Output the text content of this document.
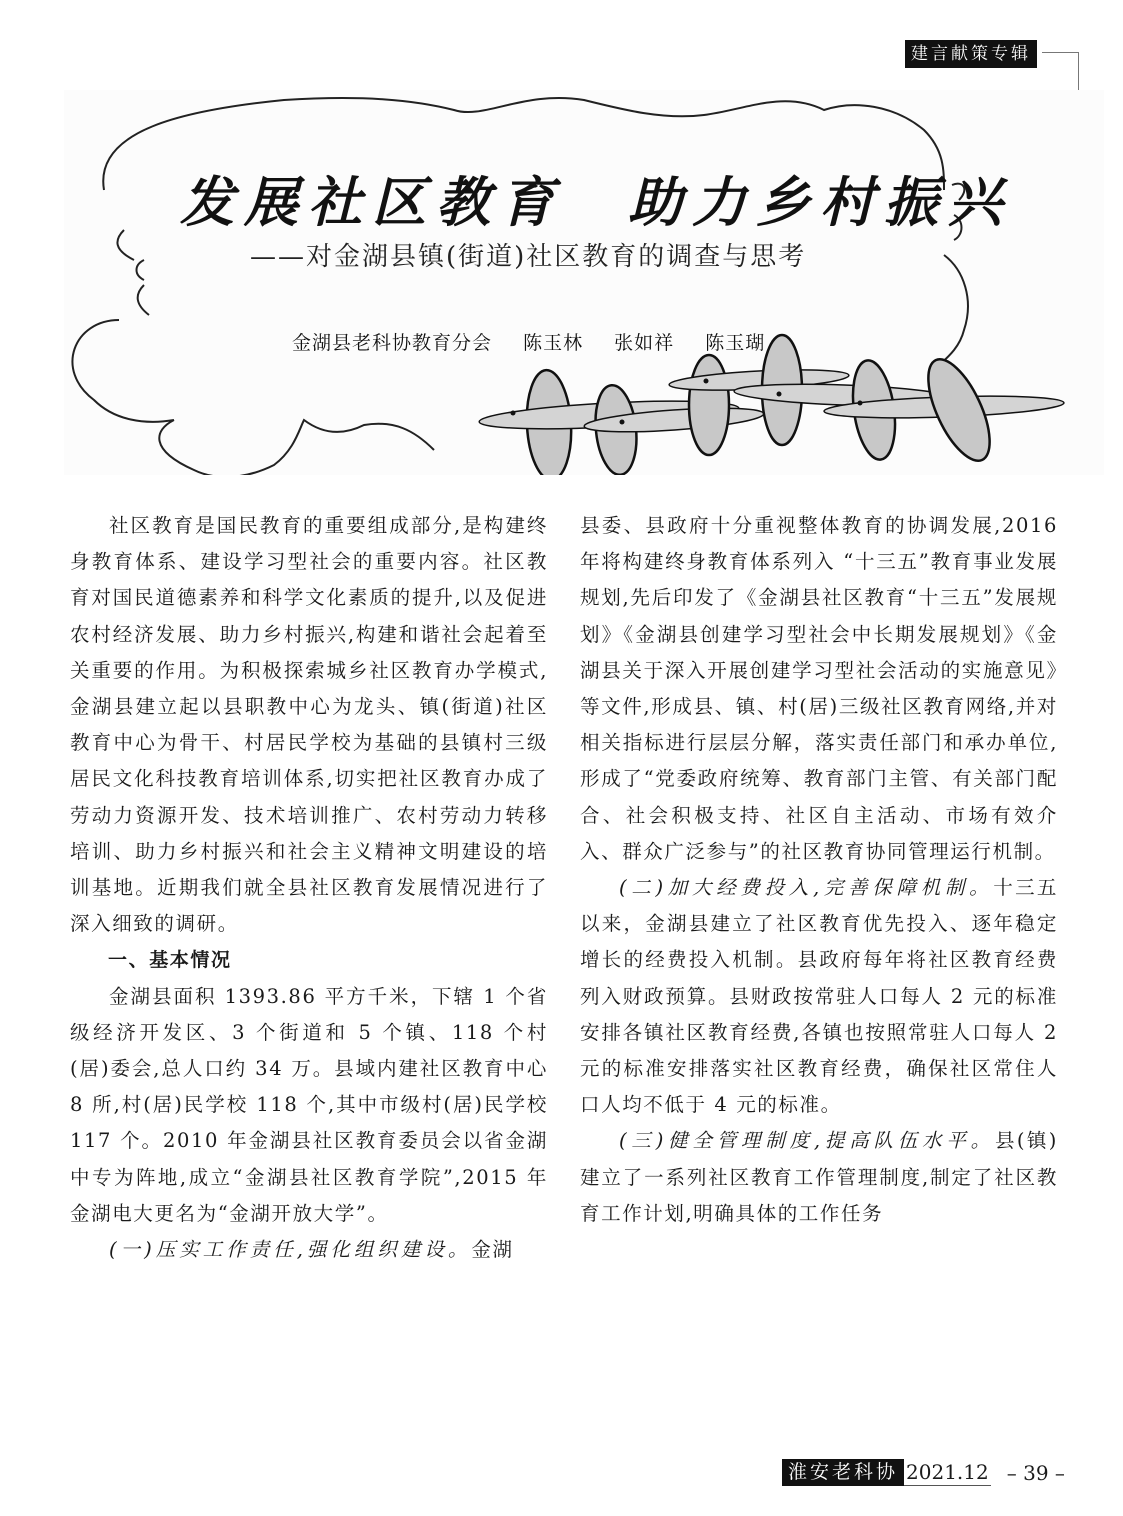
建言献策专辑
发展社区教育　助力乡村振兴
——对金湖县镇(街道)社区教育的调查与思考
金湖县老科协教育分会 陈玉林 张如祥 陈玉瑚

社区教育是国民教育的重要组成部分,是构建终身教育体系、建设学习型社会的重要内容。社区教育对国民道德素养和科学文化素质的提升,以及促进农村经济发展、助力乡村振兴,构建和谐社会起着至关重要的作用。为积极探索城乡社区教育办学模式,金湖县建立起以县职教中心为龙头、镇(街道)社区教育中心为骨干、村居民学校为基础的县镇村三级居民文化科技教育培训体系,切实把社区教育办成了劳动力资源开发、技术培训推广、农村劳动力转移培训、助力乡村振兴和社会主义精神文明建设的培训基地。近期我们就全县社区教育发展情况进行了深入细致的调研。

一、基本情况

金湖县面积 1393.86 平方千米，下辖 1 个省级经济开发区、3 个街道和 5 个镇、118 个村(居)委会,总人口约 34 万。县域内建社区教育中心 8 所,村(居)民学校 118 个,其中市级村(居)民学校 117 个。2010 年金湖县社区教育委员会以省金湖中专为阵地,成立“金湖县社区教育学院”,2015 年金湖电大更名为“金湖开放大学”。

(一)压实工作责任,强化组织建设。金湖

县委、县政府十分重视整体教育的协调发展,2016 年将构建终身教育体系列入 “十三五”教育事业发展规划,先后印发了《金湖县社区教育“十三五”发展规划》《金湖县创建学习型社会中长期发展规划》《金湖县关于深入开展创建学习型社会活动的实施意见》等文件,形成县、镇、村(居)三级社区教育网络,并对相关指标进行层层分解，落实责任部门和承办单位,形成了“党委政府统筹、教育部门主管、有关部门配合、社会积极支持、社区自主活动、市场有效介入、群众广泛参与”的社区教育协同管理运行机制。

(二)加大经费投入,完善保障机制。十三五以来，金湖县建立了社区教育优先投入、逐年稳定增长的经费投入机制。县政府每年将社区教育经费列入财政预算。县财政按常驻人口每人 2 元的标准安排各镇社区教育经费,各镇也按照常驻人口每人 2 元的标准安排落实社区教育经费，确保社区常住人口人均不低于 4 元的标准。

(三)健全管理制度,提高队伍水平。县(镇)建立了一系列社区教育工作管理制度,制定了社区教育工作计划,明确具体的工作任务

淮安老科协 2021.12 – 39 –
